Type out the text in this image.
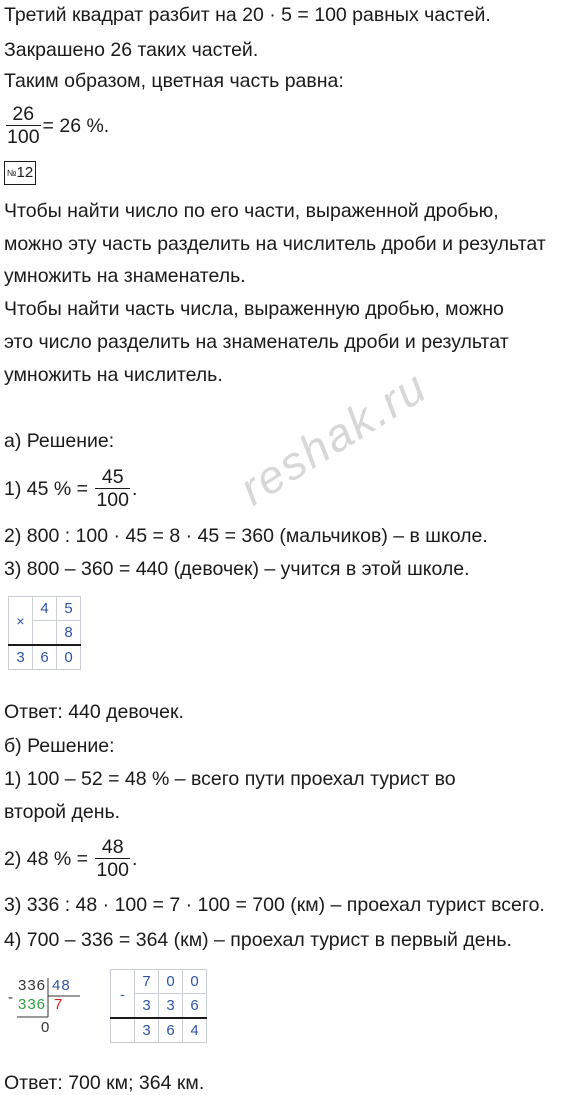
Третий квадрат разбит на 20 · 5 = 100 равных частей.
Закрашено 26 таких частей.
Таким образом, цветная часть равна:
$\frac{26}{100} = 26$ %.
№12
Чтобы найти число по его части, выраженной дробью,
можно эту часть разделить на числитель дроби и результат
умножить на знаменатель.
Чтобы найти часть числа, выраженную дробью, можно
это число разделить на знаменатель дроби и результат
умножить на числитель. reshak.ru
а) Решение:
1) 45 % = $\frac{45}{100}$ .
2) 800 : 100 · 45 = 8 · 45 = 360 (мальчиков) – в школе.
3) 800 – 360 = 440 (девочек) – учится в этой школе.
×	4	5
		8
3	6	0
Ответ: 440 девочек.
б) Решение:
1) 100 – 52 = 48 % – всего пути проехал турист во
второй день.
2) 48 % = $\frac{48}{100}$ .
3) 336 : 48 · 100 = 7 · 100 = 700 (км) – проехал турист всего.
4) 700 – 336 = 364 (км) – проехал турист в первый день.
-
336 48
336 7
0
-	7	0	0
	3	3	6
	3	6	4
Ответ: 700 км; 364 км.
